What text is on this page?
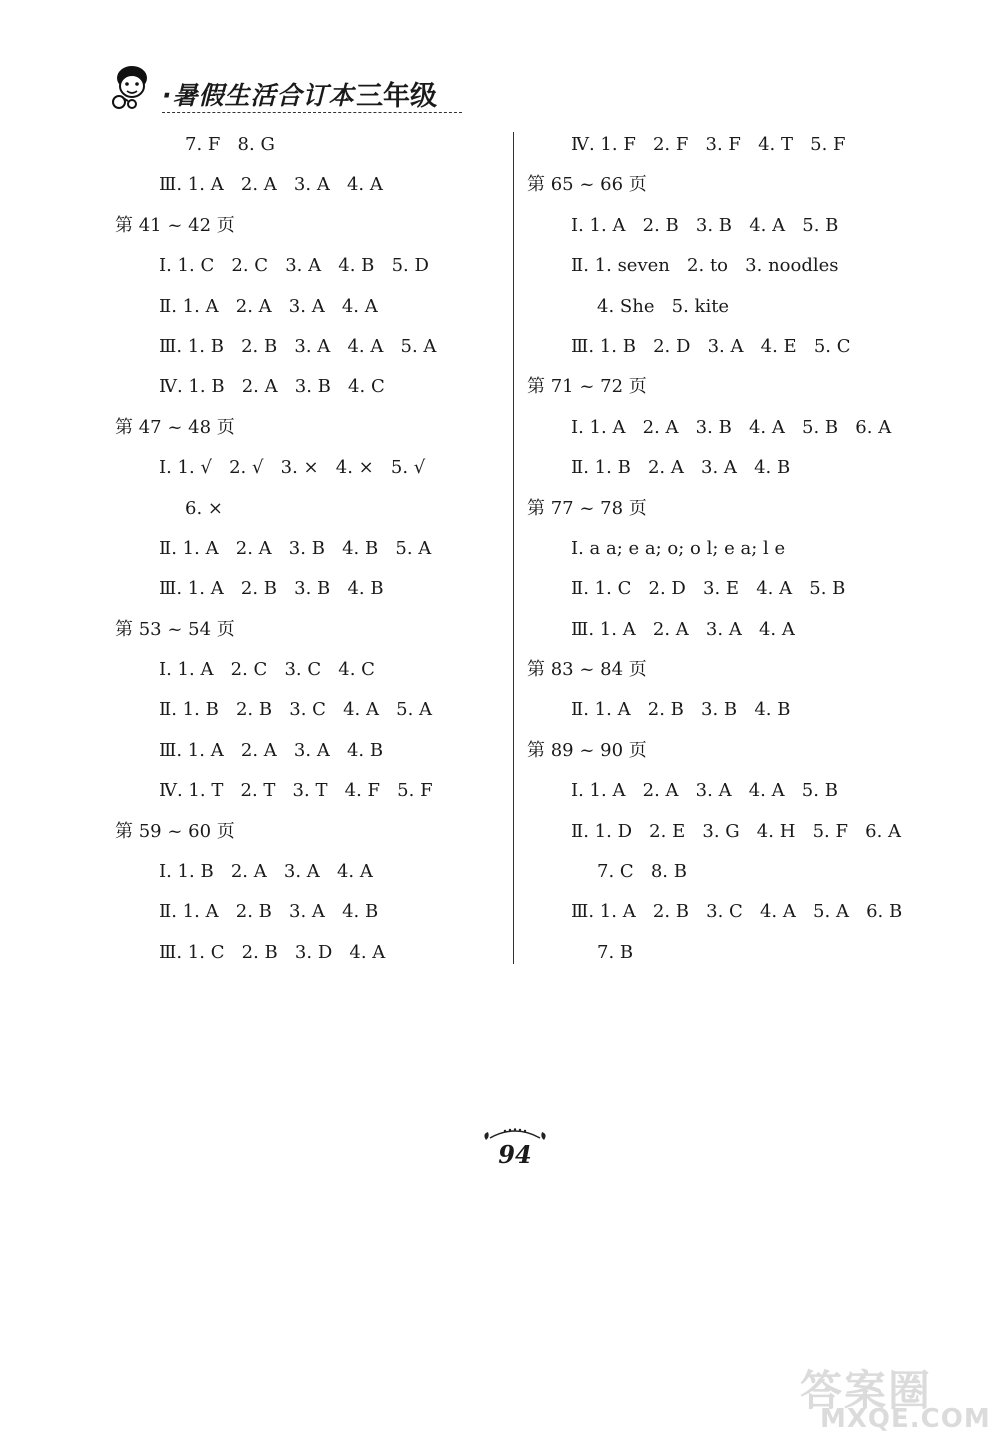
·暑假生活合订本 三年级
7. F   8. G
Ⅲ. 1. A   2. A   3. A   4. A
第 41 ~ 42 页
Ⅰ. 1. C   2. C   3. A   4. B   5. D
Ⅱ. 1. A   2. A   3. A   4. A
Ⅲ. 1. B   2. B   3. A   4. A   5. A
Ⅳ. 1. B   2. A   3. B   4. C
第 47 ~ 48 页
Ⅰ. 1. √   2. √   3. ×   4. ×   5. √
6. ×
Ⅱ. 1. A   2. A   3. B   4. B   5. A
Ⅲ. 1. A   2. B   3. B   4. B
第 53 ~ 54 页
Ⅰ. 1. A   2. C   3. C   4. C
Ⅱ. 1. B   2. B   3. C   4. A   5. A
Ⅲ. 1. A   2. A   3. A   4. B
Ⅳ. 1. T   2. T   3. T   4. F   5. F
第 59 ~ 60 页
Ⅰ. 1. B   2. A   3. A   4. A
Ⅱ. 1. A   2. B   3. A   4. B
Ⅲ. 1. C   2. B   3. D   4. A
Ⅳ. 1. F   2. F   3. F   4. T   5. F
第 65 ~ 66 页
Ⅰ. 1. A   2. B   3. B   4. A   5. B
Ⅱ. 1. seven   2. to   3. noodles
4. She   5. kite
Ⅲ. 1. B   2. D   3. A   4. E   5. C
第 71 ~ 72 页
Ⅰ. 1. A   2. A   3. B   4. A   5. B   6. A
Ⅱ. 1. B   2. A   3. A   4. B
第 77 ~ 78 页
Ⅰ. a a; e a; o; o l; e a; l e
Ⅱ. 1. C   2. D   3. E   4. A   5. B
Ⅲ. 1. A   2. A   3. A   4. A
第 83 ~ 84 页
Ⅱ. 1. A   2. B   3. B   4. B
第 89 ~ 90 页
Ⅰ. 1. A   2. A   3. A   4. A   5. B
Ⅱ. 1. D   2. E   3. G   4. H   5. F   6. A
7. C   8. B
Ⅲ. 1. A   2. B   3. C   4. A   5. A   6. B
7. B
94
答案圈
MXQE.COM
